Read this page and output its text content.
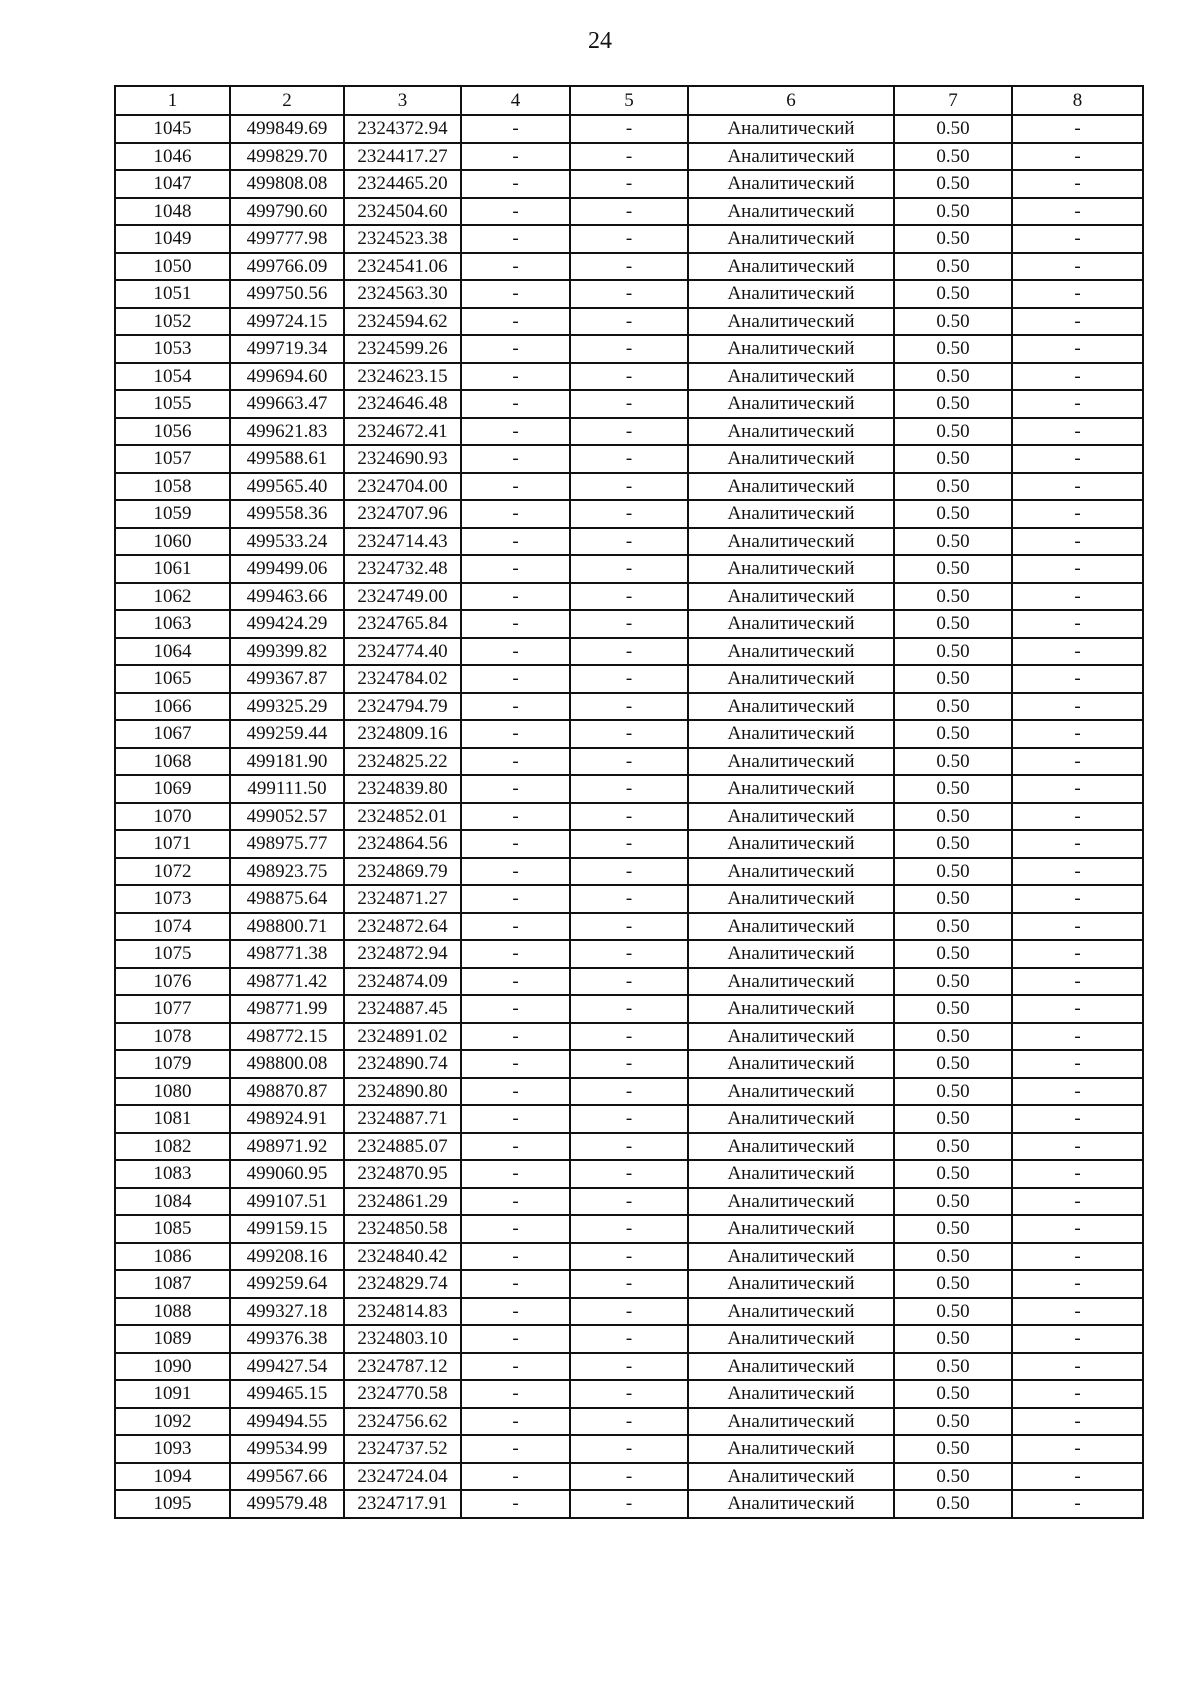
24
1	2	3	4	5	6	7	8
1045	499849.69	2324372.94	-	-	Аналитический	0.50	-
1046	499829.70	2324417.27	-	-	Аналитический	0.50	-
1047	499808.08	2324465.20	-	-	Аналитический	0.50	-
1048	499790.60	2324504.60	-	-	Аналитический	0.50	-
1049	499777.98	2324523.38	-	-	Аналитический	0.50	-
1050	499766.09	2324541.06	-	-	Аналитический	0.50	-
1051	499750.56	2324563.30	-	-	Аналитический	0.50	-
1052	499724.15	2324594.62	-	-	Аналитический	0.50	-
1053	499719.34	2324599.26	-	-	Аналитический	0.50	-
1054	499694.60	2324623.15	-	-	Аналитический	0.50	-
1055	499663.47	2324646.48	-	-	Аналитический	0.50	-
1056	499621.83	2324672.41	-	-	Аналитический	0.50	-
1057	499588.61	2324690.93	-	-	Аналитический	0.50	-
1058	499565.40	2324704.00	-	-	Аналитический	0.50	-
1059	499558.36	2324707.96	-	-	Аналитический	0.50	-
1060	499533.24	2324714.43	-	-	Аналитический	0.50	-
1061	499499.06	2324732.48	-	-	Аналитический	0.50	-
1062	499463.66	2324749.00	-	-	Аналитический	0.50	-
1063	499424.29	2324765.84	-	-	Аналитический	0.50	-
1064	499399.82	2324774.40	-	-	Аналитический	0.50	-
1065	499367.87	2324784.02	-	-	Аналитический	0.50	-
1066	499325.29	2324794.79	-	-	Аналитический	0.50	-
1067	499259.44	2324809.16	-	-	Аналитический	0.50	-
1068	499181.90	2324825.22	-	-	Аналитический	0.50	-
1069	499111.50	2324839.80	-	-	Аналитический	0.50	-
1070	499052.57	2324852.01	-	-	Аналитический	0.50	-
1071	498975.77	2324864.56	-	-	Аналитический	0.50	-
1072	498923.75	2324869.79	-	-	Аналитический	0.50	-
1073	498875.64	2324871.27	-	-	Аналитический	0.50	-
1074	498800.71	2324872.64	-	-	Аналитический	0.50	-
1075	498771.38	2324872.94	-	-	Аналитический	0.50	-
1076	498771.42	2324874.09	-	-	Аналитический	0.50	-
1077	498771.99	2324887.45	-	-	Аналитический	0.50	-
1078	498772.15	2324891.02	-	-	Аналитический	0.50	-
1079	498800.08	2324890.74	-	-	Аналитический	0.50	-
1080	498870.87	2324890.80	-	-	Аналитический	0.50	-
1081	498924.91	2324887.71	-	-	Аналитический	0.50	-
1082	498971.92	2324885.07	-	-	Аналитический	0.50	-
1083	499060.95	2324870.95	-	-	Аналитический	0.50	-
1084	499107.51	2324861.29	-	-	Аналитический	0.50	-
1085	499159.15	2324850.58	-	-	Аналитический	0.50	-
1086	499208.16	2324840.42	-	-	Аналитический	0.50	-
1087	499259.64	2324829.74	-	-	Аналитический	0.50	-
1088	499327.18	2324814.83	-	-	Аналитический	0.50	-
1089	499376.38	2324803.10	-	-	Аналитический	0.50	-
1090	499427.54	2324787.12	-	-	Аналитический	0.50	-
1091	499465.15	2324770.58	-	-	Аналитический	0.50	-
1092	499494.55	2324756.62	-	-	Аналитический	0.50	-
1093	499534.99	2324737.52	-	-	Аналитический	0.50	-
1094	499567.66	2324724.04	-	-	Аналитический	0.50	-
1095	499579.48	2324717.91	-	-	Аналитический	0.50	-
